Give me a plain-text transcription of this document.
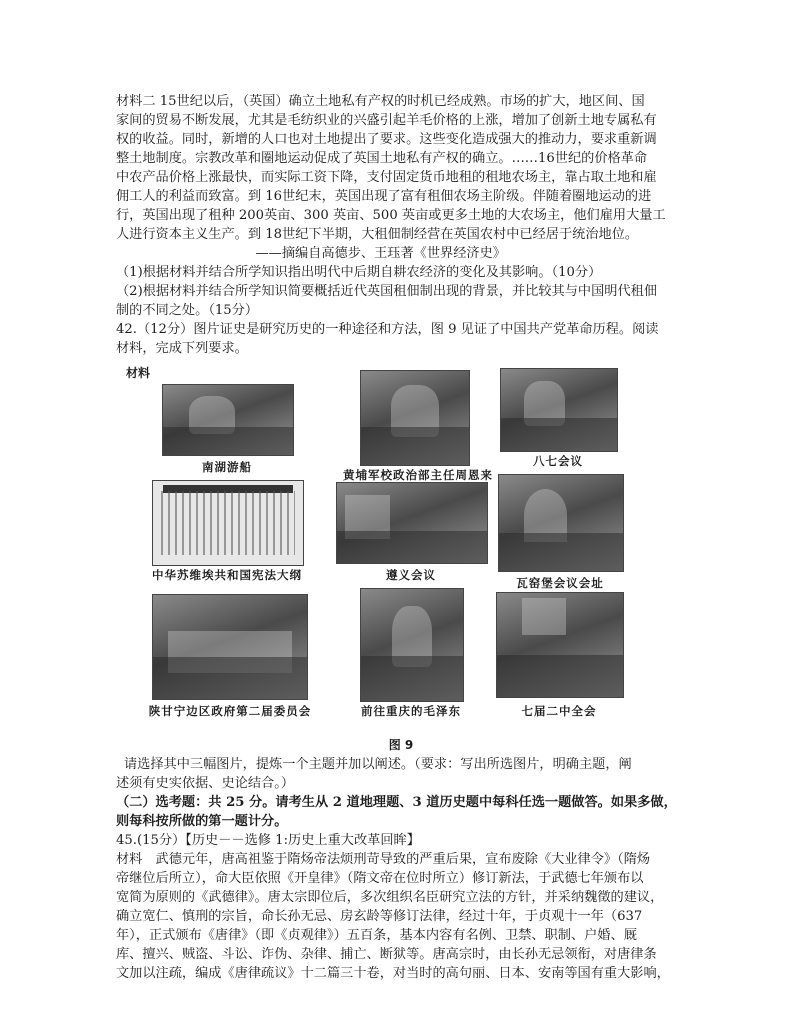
材料二 15世纪以后，（英国）确立土地私有产权的时机已经成熟。市场的扩大，地区间、国

家间的贸易不断发展，尤其是毛纺织业的兴盛引起羊毛价格的上涨，增加了创新土地专属私有

权的收益。同时，新增的人口也对土地提出了要求。这些变化造成强大的推动力，要求重新调

整土地制度。宗教改革和圈地运动促成了英国土地私有产权的确立。……16世纪的价格革命

中农产品价格上涨最快，而实际工资下降，支付固定货币地租的租地农场主，靠占取土地和雇

佣工人的利益而致富。到 16世纪末，英国出现了富有租佃农场主阶级。伴随着圈地运动的进

行，英国出现了租种 200英亩、300 英亩、500 英亩或更多土地的大农场主，他们雇用大量工

人进行资本主义生产。到 18世纪下半期，大租佃制经营在英国农村中已经居于统治地位。

——摘编自高德步、王珏著《世界经济史》

（1)根据材料并结合所学知识指出明代中后期自耕农经济的变化及其影响。（10分）

（2)根据材料并结合所学知识简要概括近代英国租佃制出现的背景，并比较其与中国明代租佃

制的不同之处。（15分）

42.（12分）图片证史是研究历史的一种途径和方法，图 9 见证了中国共产党革命历程。阅读

材料，完成下列要求。

材料
南湖游船
黄埔军校政治部主任周恩来
八七会议
中华苏维埃共和国宪法大纲	遵义会议
瓦窑堡会议会址
陕甘宁边区政府第二届委员会	前往重庆的毛泽东	七届二中全会

图 9

请选择其中三幅图片，提炼一个主题并加以阐述。（要求：写出所选图片，明确主题，阐

述须有史实依据、史论结合。）

（二）选考题：共 25 分。请考生从 2 道地理题、3 道历史题中每科任选一题做答。如果多做，

则每科按所做的第一题计分。

45.(15分）【历史－－选修 1:历史上重大改革回眸】

材料　武德元年，唐高祖鉴于隋炀帝法烦刑苛导致的严重后果，宣布废除《大业律令》（隋炀

帝继位后所立），命大臣依照《开皇律》（隋文帝在位时所立）修订新法，于武德七年颁布以

宽简为原则的《武德律》。唐太宗即位后，多次组织名臣研究立法的方针，并采纳魏徵的建议，

确立宽仁、慎刑的宗旨，命长孙无忌、房玄龄等修订法律，经过十年，于贞观十一年（637

年），正式颁布《唐律》（即《贞观律》）五百条，基本内容有名例、卫禁、职制、户婚、厩

库、擅兴、贼盗、斗讼、诈伪、杂律、捕亡、断狱等。唐高宗时，由长孙无忌领衔，对唐律条

文加以注疏，编成《唐律疏议》十二篇三十卷，对当时的高句丽、日本、安南等国有重大影响，
